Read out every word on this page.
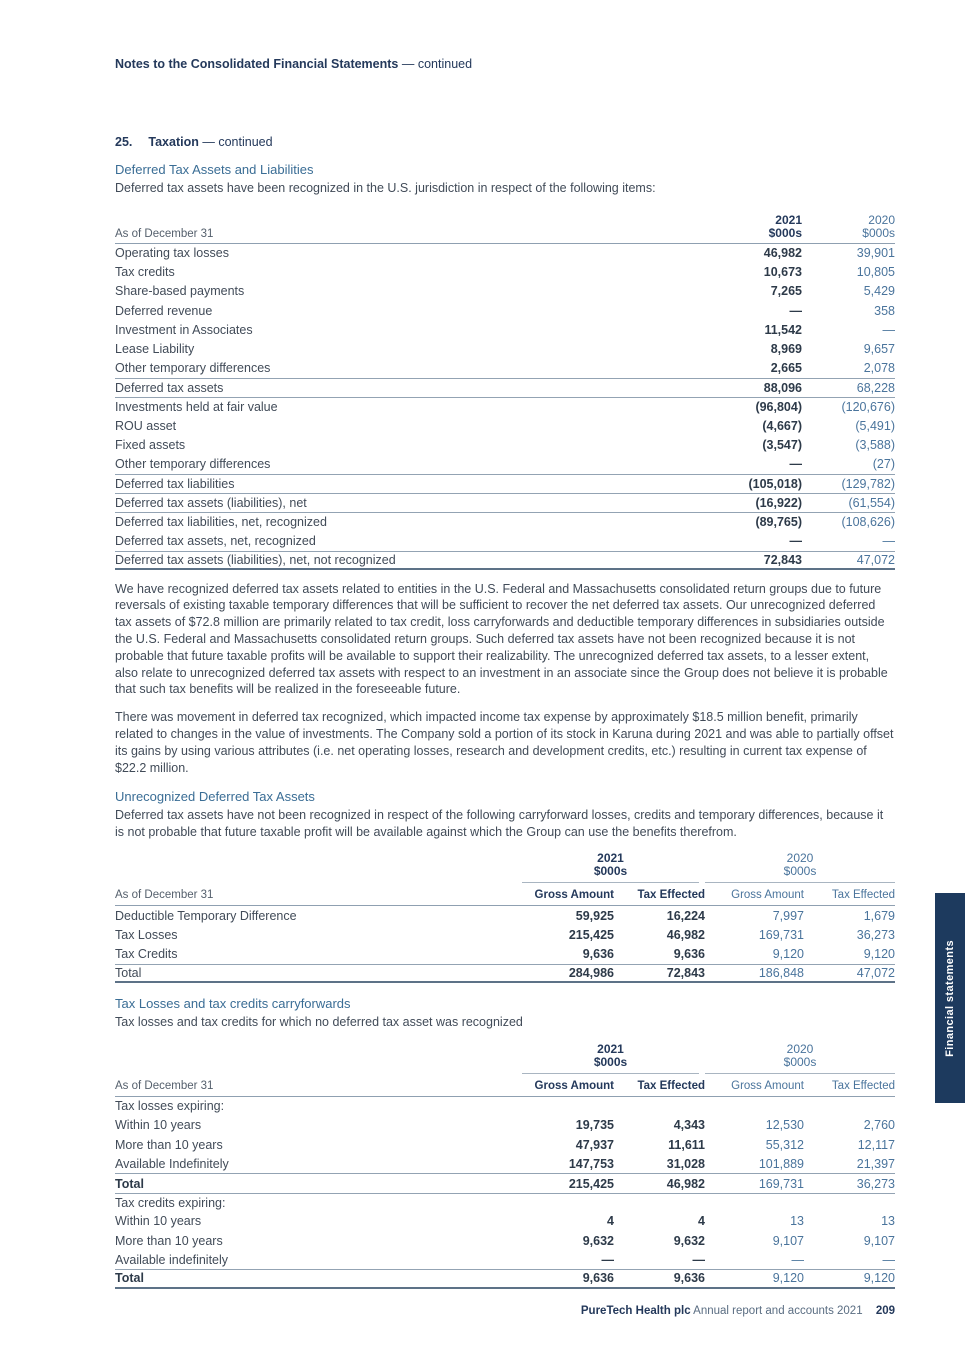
Notes to the Consolidated Financial Statements — continued
25. Taxation — continued
Deferred Tax Assets and Liabilities
Deferred tax assets have been recognized in the U.S. jurisdiction in respect of the following items:
As of December 31
2021
$000s
2020
$000s
Operating tax losses	46,982	39,901
Tax credits	10,673	10,805
Share-based payments	7,265	5,429
Deferred revenue	—	358
Investment in Associates	11,542	—
Lease Liability	8,969	9,657
Other temporary differences	2,665	2,078
Deferred tax assets	88,096	68,228
Investments held at fair value	(96,804)	(120,676)
ROU asset	(4,667)	(5,491)
Fixed assets	(3,547)	(3,588)
Other temporary differences	—	(27)
Deferred tax liabilities	(105,018)	(129,782)
Deferred tax assets (liabilities), net	(16,922)	(61,554)
Deferred tax liabilities, net, recognized	(89,765)	(108,626)
Deferred tax assets, net, recognized	—	—
Deferred tax assets (liabilities), net, not recognized	72,843	47,072

We have recognized deferred tax assets related to entities in the U.S. Federal and Massachusetts consolidated return groups due to future reversals of existing taxable temporary differences that will be sufficient to recover the net deferred tax assets. Our unrecognized deferred tax assets of $72.8 million are primarily related to tax credit, loss carryforwards and deductible temporary differences in subsidiaries outside the U.S. Federal and Massachusetts consolidated return groups. Such deferred tax assets have not been recognized because it is not probable that future taxable profits will be available to support their realizability. The unrecognized deferred tax assets, to a lesser extent, also relate to unrecognized deferred tax assets with respect to an investment in an associate since the Group does not believe it is probable that such tax benefits will be realized in the foreseeable future.

There was movement in deferred tax recognized, which impacted income tax expense by approximately $18.5 million benefit, primarily related to changes in the value of investments. The Company sold a portion of its stock in Karuna during 2021 and was able to partially offset its gains by using various attributes (i.e. net operating losses, research and development credits, etc.) resulting in current tax expense of $22.2 million.

Unrecognized Deferred Tax Assets
Deferred tax assets have not been recognized in respect of the following carryforward losses, credits and temporary differences, because it is not probable that future taxable profit will be available against which the Group can use the benefits therefrom.
2021
$000s
2020
$000s
As of December 31	Gross Amount	Tax Effected	Gross Amount	Tax Effected
Deductible Temporary Difference	59,925	16,224	7,997	1,679
Tax Losses	215,425	46,982	169,731	36,273
Tax Credits	9,636	9,636	9,120	9,120
Total	284,986	72,843	186,848	47,072
Tax Losses and tax credits carryforwards
Tax losses and tax credits for which no deferred tax asset was recognized
2021
$000s
2020
$000s
As of December 31	Gross Amount	Tax Effected	Gross Amount	Tax Effected
Tax losses expiring:
Within 10 years	19,735	4,343	12,530	2,760
More than 10 years	47,937	11,611	55,312	12,117
Available Indefinitely	147,753	31,028	101,889	21,397
Total	215,425	46,982	169,731	36,273
Tax credits expiring:
Within 10 years	4	4	13	13
More than 10 years	9,632	9,632	9,107	9,107
Available indefinitely	—	—	—	—
Total	9,636	9,636	9,120	9,120
Financial statements
PureTech Health plc Annual report and accounts 2021 209
